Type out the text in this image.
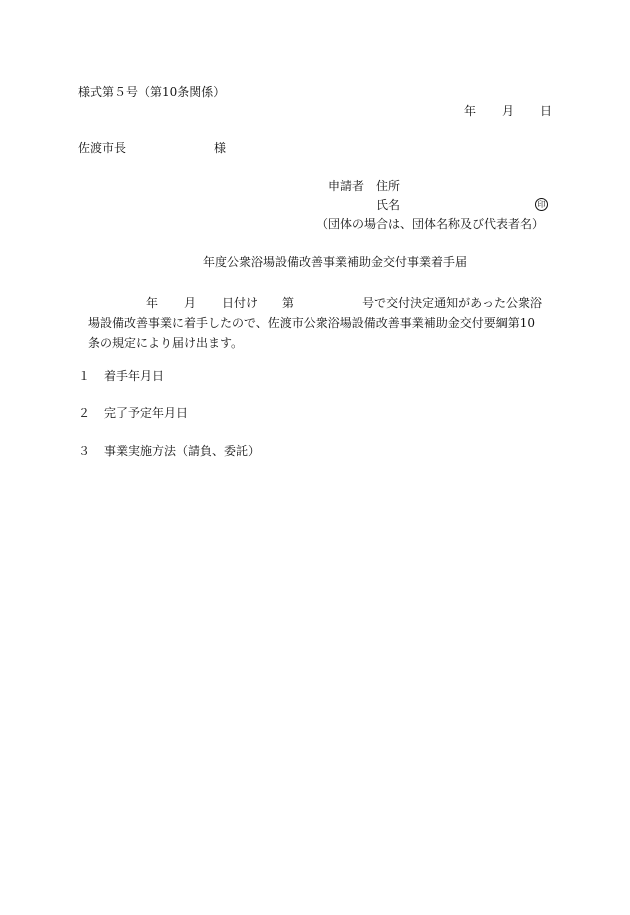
様式第５号（第10条関係）
年 月 日
佐渡市長	様
申請者 住所
氏名	印
（団体の場合は、団体名称及び代表者名）
年度公衆浴場設備改善事業補助金交付事業着手届
年 月 日付け 第	号で交付決定通知があった公衆浴
場設備改善事業に着手したので、佐渡市公衆浴場設備改善事業補助金交付要綱第10
条の規定により届け出ます。
１ 着手年月日
２ 完了予定年月日
３ 事業実施方法（請負、委託）
